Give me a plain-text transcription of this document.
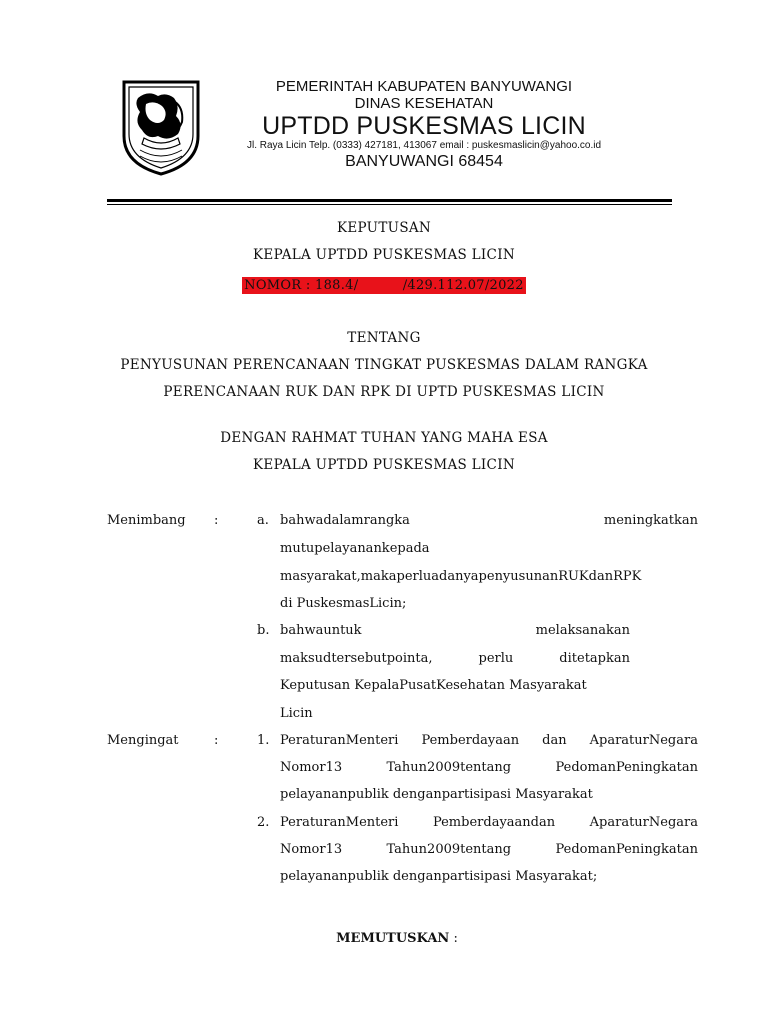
PEMERINTAH KABUPATEN BANYUWANGI
DINAS KESEHATAN
UPTDD PUSKESMAS LICIN
Jl. Raya Licin Telp. (0333) 427181, 413067 email : puskesmaslicin@yahoo.co.id
BANYUWANGI 68454
KEPUTUSAN
KEPALA UPTDD PUSKESMAS LICIN
NOMOR : 188.4/          /429.112.07/2022
TENTANG
PENYUSUNAN PERENCANAAN TINGKAT PUSKESMAS DALAM RANGKA
PERENCANAAN RUK DAN RPK DI UPTD PUSKESMAS LICIN
DENGAN RAHMAT TUHAN YANG MAHA ESA
KEPALA UPTDD PUSKESMAS LICIN
Menimbang :	a. bahwadalamrangka	meningkatkan
mutupelayanankepada
masyarakat,makaperluadanyapenyusunanRUKdanRPK
di PuskesmasLicin;
b. bahwauntuk	melaksanakan
maksudtersebutpointa,	perlu	ditetapkan
Keputusan KepalaPusatKesehatan Masyarakat
Licin
Mengingat	:	1. PeraturanMenteri Pemberdayaan dan AparaturNegara
Nomor13	Tahun2009tentang	PedomanPeningkatan
pelayananpublik denganpartisipasi Masyarakat
2. PeraturanMenteri	Pemberdayaandan	AparaturNegara
Nomor13	Tahun2009tentang	PedomanPeningkatan
pelayananpublik denganpartisipasi Masyarakat;
MEMUTUSKAN :
